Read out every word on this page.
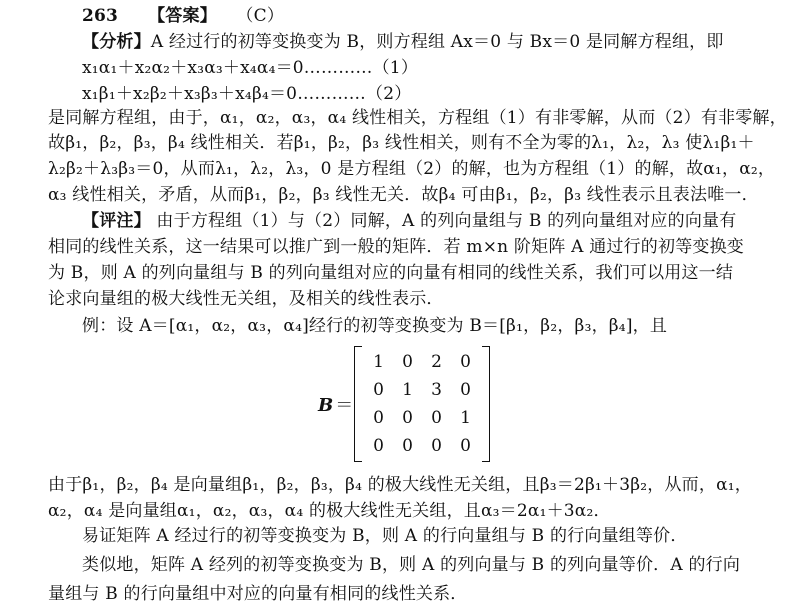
263 【答案】 （C）
【分析】A 经过行的初等变换变为 B，则方程组 Ax＝0 与 Bx＝0 是同解方程组，即
x₁α₁＋x₂α₂＋x₃α₃＋x₄α₄＝0…………（1）
x₁β₁＋x₂β₂＋x₃β₃＋x₄β₄＝0…………（2）
是同解方程组，由于，α₁，α₂，α₃，α₄ 线性相关，方程组（1）有非零解，从而（2）有非零解，
故β₁，β₂，β₃，β₄ 线性相关．若β₁，β₂，β₃ 线性相关，则有不全为零的λ₁，λ₂，λ₃ 使λ₁β₁＋
λ₂β₂＋λ₃β₃＝0，从而λ₁，λ₂，λ₃，0 是方程组（2）的解，也为方程组（1）的解，故α₁，α₂，
α₃ 线性相关，矛盾，从而β₁，β₂，β₃ 线性无关．故β₄ 可由β₁，β₂，β₃ 线性表示且表法唯一．
【评注】 由于方程组（1）与（2）同解，A 的列向量组与 B 的列向量组对应的向量有
相同的线性关系，这一结果可以推广到一般的矩阵．若 m×n 阶矩阵 A 通过行的初等变换变
为 B，则 A 的列向量组与 B 的列向量组对应的向量有相同的线性关系，我们可以用这一结
论求向量组的极大线性无关组，及相关的线性表示．
例：设 A＝[α₁，α₂，α₃，α₄]经行的初等变换变为 B＝[β₁，β₂，β₃，β₄]，且
B ＝
1	0	2	0
0	1	3	0
0	0	0	1
0	0	0	0
由于β₁，β₂，β₄ 是向量组β₁，β₂，β₃，β₄ 的极大线性无关组，且β₃＝2β₁＋3β₂，从而，α₁，
α₂，α₄ 是向量组α₁，α₂，α₃，α₄ 的极大线性无关组，且α₃＝2α₁＋3α₂．
易证矩阵 A 经过行的初等变换变为 B，则 A 的行向量组与 B 的行向量组等价．
类似地，矩阵 A 经列的初等变换变为 B，则 A 的列向量与 B 的列向量等价．A 的行向
量组与 B 的行向量组中对应的向量有相同的线性关系．
